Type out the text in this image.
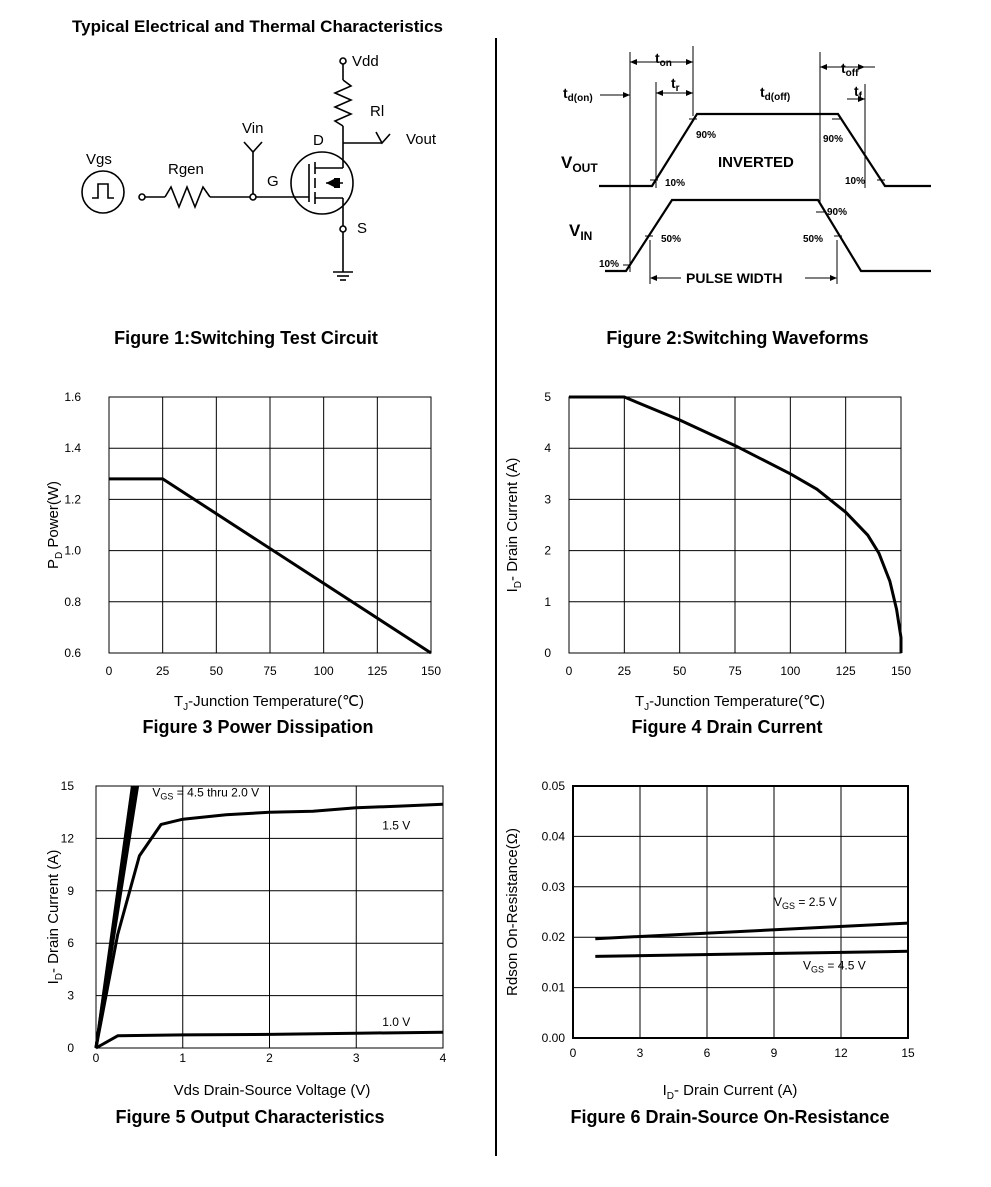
Typical Electrical and Thermal Characteristics
Vdd
Rl
Vin
Vout
D
G
S
Vgs
Rgen
Figure 1:Switching Test Circuit
$t_{on}$
$t_r$
$t_{off}$
$t_f$
$t_{d(on)}$	$t_{d(off)}$
$V_{OUT}$
$V_{IN}$
INVERTED
PULSE WIDTH
90%	90%
90%
10%	10%
10%
50%	50%
Figure 2:Switching Waveforms
0	25	50	75	100	125	150
0.6
0.8
1.0
1.2
1.4
1.6
$P_D$ Power(W)
$T_J$-Junction Temperature(℃)
Figure 3 Power Dissipation
0	25	50	75	100	125	150
0
1
2
3
4
5
$I_D-$ Drain Current (A)
$T_J$-Junction Temperature(℃)
Figure 4 Drain Current
0	1	2	3	4
0
3
6
9
12
15
$I_D-$ Drain Current (A)
$V_{GS} = 4.5$ thru 2.0 V
1.5 V
1.0 V
Vds Drain-Source Voltage (V)
Figure 5 Output Characteristics
0	3	6	9	12	15
0.00
0.01
0.02
0.03
0.04
0.05
Rdson On-Resistance(Ω)	$V_{GS} = 2.5$ V
$V_{GS} = 4.5$ V
$I_D-$ Drain Current (A)
Figure 6 Drain-Source On-Resistance
